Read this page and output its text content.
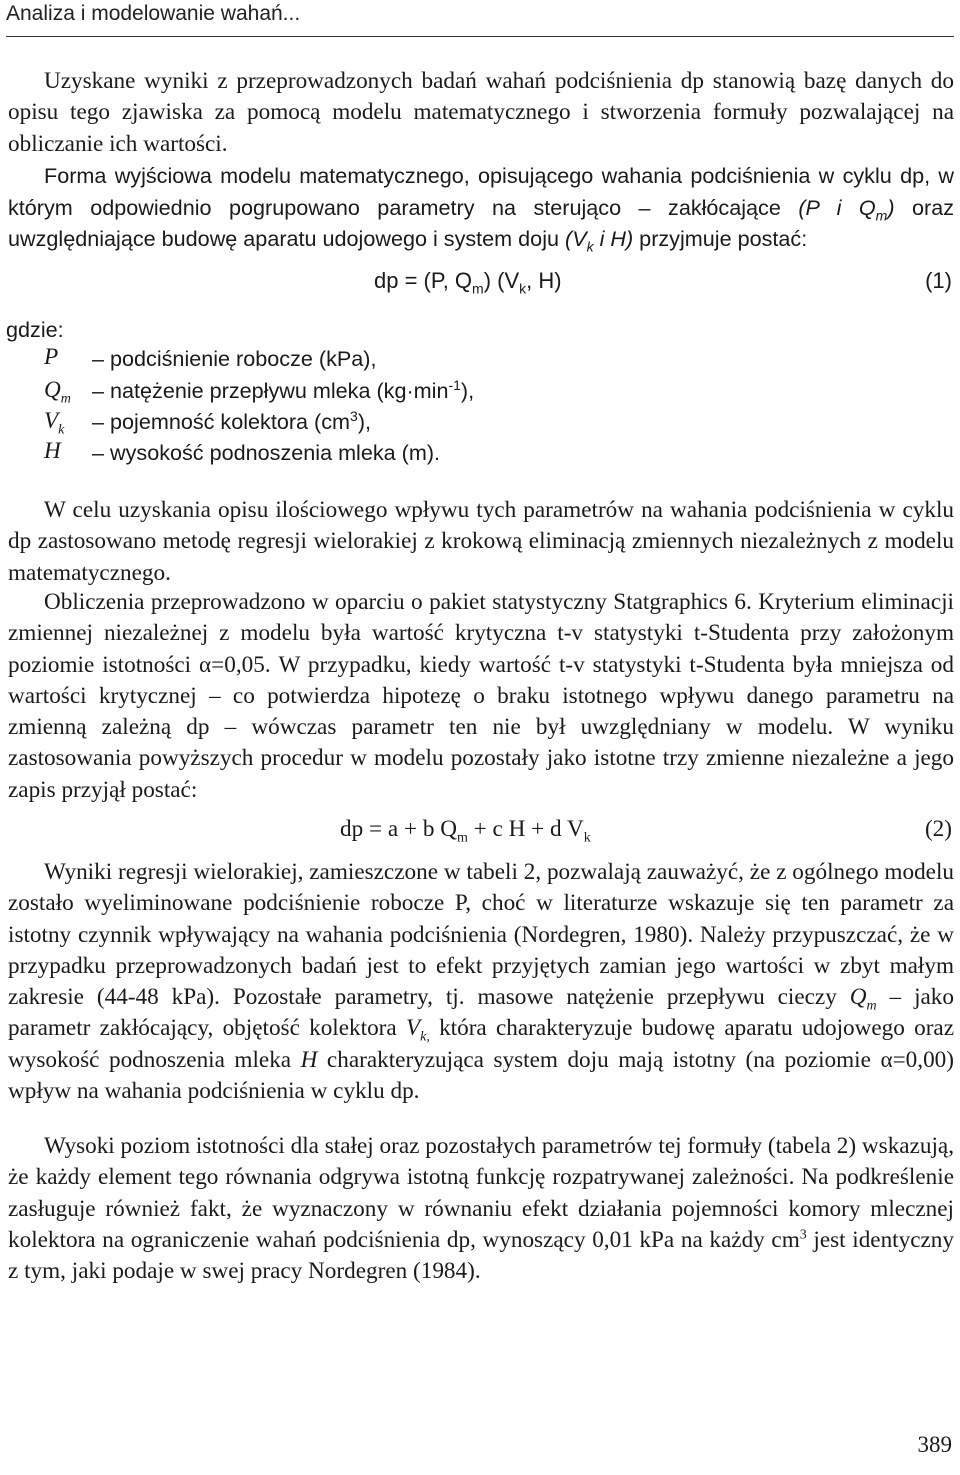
Analiza i modelowanie wahań...

Uzyskane wyniki z przeprowadzonych badań wahań podciśnienia dp stanowią bazę danych do opisu tego zjawiska za pomocą modelu matematycznego i stworzenia formuły pozwalającej na obliczanie ich wartości.

Forma wyjściowa modelu matematycznego, opisującego wahania podciśnienia w cyklu dp, w którym odpowiednio pogrupowano parametry na sterująco – zakłócające (P i $Q_m$) oraz uwzględniające budowę aparatu udojowego i system doju ($V_k$ i H) przyjmuje postać:

dp = (P, $Q_m$) ($V_k$, H)	(1)
gdzie:
P – podciśnienie robocze (kPa),
$Q_m$ – natężenie przepływu mleka $(kg\cdot\min^{-1})$,
$V_k$ – pojemność kolektora $(cm^3)$,
H – wysokość podnoszenia mleka (m).

W celu uzyskania opisu ilościowego wpływu tych parametrów na wahania podciśnienia w cyklu dp zastosowano metodę regresji wielorakiej z krokową eliminacją zmiennych niezależnych z modelu matematycznego.

Obliczenia przeprowadzono w oparciu o pakiet statystyczny Statgraphics 6. Kryterium eliminacji zmiennej niezależnej z modelu była wartość krytyczna t-v statystyki t-Studenta przy założonym poziomie istotności α=0,05. W przypadku, kiedy wartość t-v statystyki t-Studenta była mniejsza od wartości krytycznej – co potwierdza hipotezę o braku istotnego wpływu danego parametru na zmienną zależną dp – wówczas parametr ten nie był uwzględniany w modelu. W wyniku zastosowania powyższych procedur w modelu pozostały jako istotne trzy zmienne niezależne a jego zapis przyjął postać:

dp = a + b $Q_m + c$ H + d $V_k$	(2)

Wyniki regresji wielorakiej, zamieszczone w tabeli 2, pozwalają zauważyć, że z ogólnego modelu zostało wyeliminowane podciśnienie robocze P, choć w literaturze wskazuje się ten parametr za istotny czynnik wpływający na wahania podciśnienia (Nordegren, 1980). Należy przypuszczać, że w przypadku przeprowadzonych badań jest to efekt przyjętych zamian jego wartości w zbyt małym zakresie (44-48 kPa). Pozostałe parametry, tj. masowe natężenie przepływu cieczy $Q_m$ – jako parametr zakłócający, objętość kolektora $V_{k,}$ która charakteryzuje budowę aparatu udojowego oraz wysokość podnoszenia mleka H charakteryzująca system doju mają istotny (na poziomie α=0,00) wpływ na wahania podciśnienia w cyklu dp.

Wysoki poziom istotności dla stałej oraz pozostałych parametrów tej formuły (tabela 2) wskazują, że każdy element tego równania odgrywa istotną funkcję rozpatrywanej zależności. Na podkreślenie zasługuje również fakt, że wyznaczony w równaniu efekt działania pojemności komory mlecznej kolektora na ograniczenie wahań podciśnienia dp, wynoszący 0,01 kPa na każdy $cm^3$ jest identyczny z tym, jaki podaje w swej pracy Nordegren (1984).

389
